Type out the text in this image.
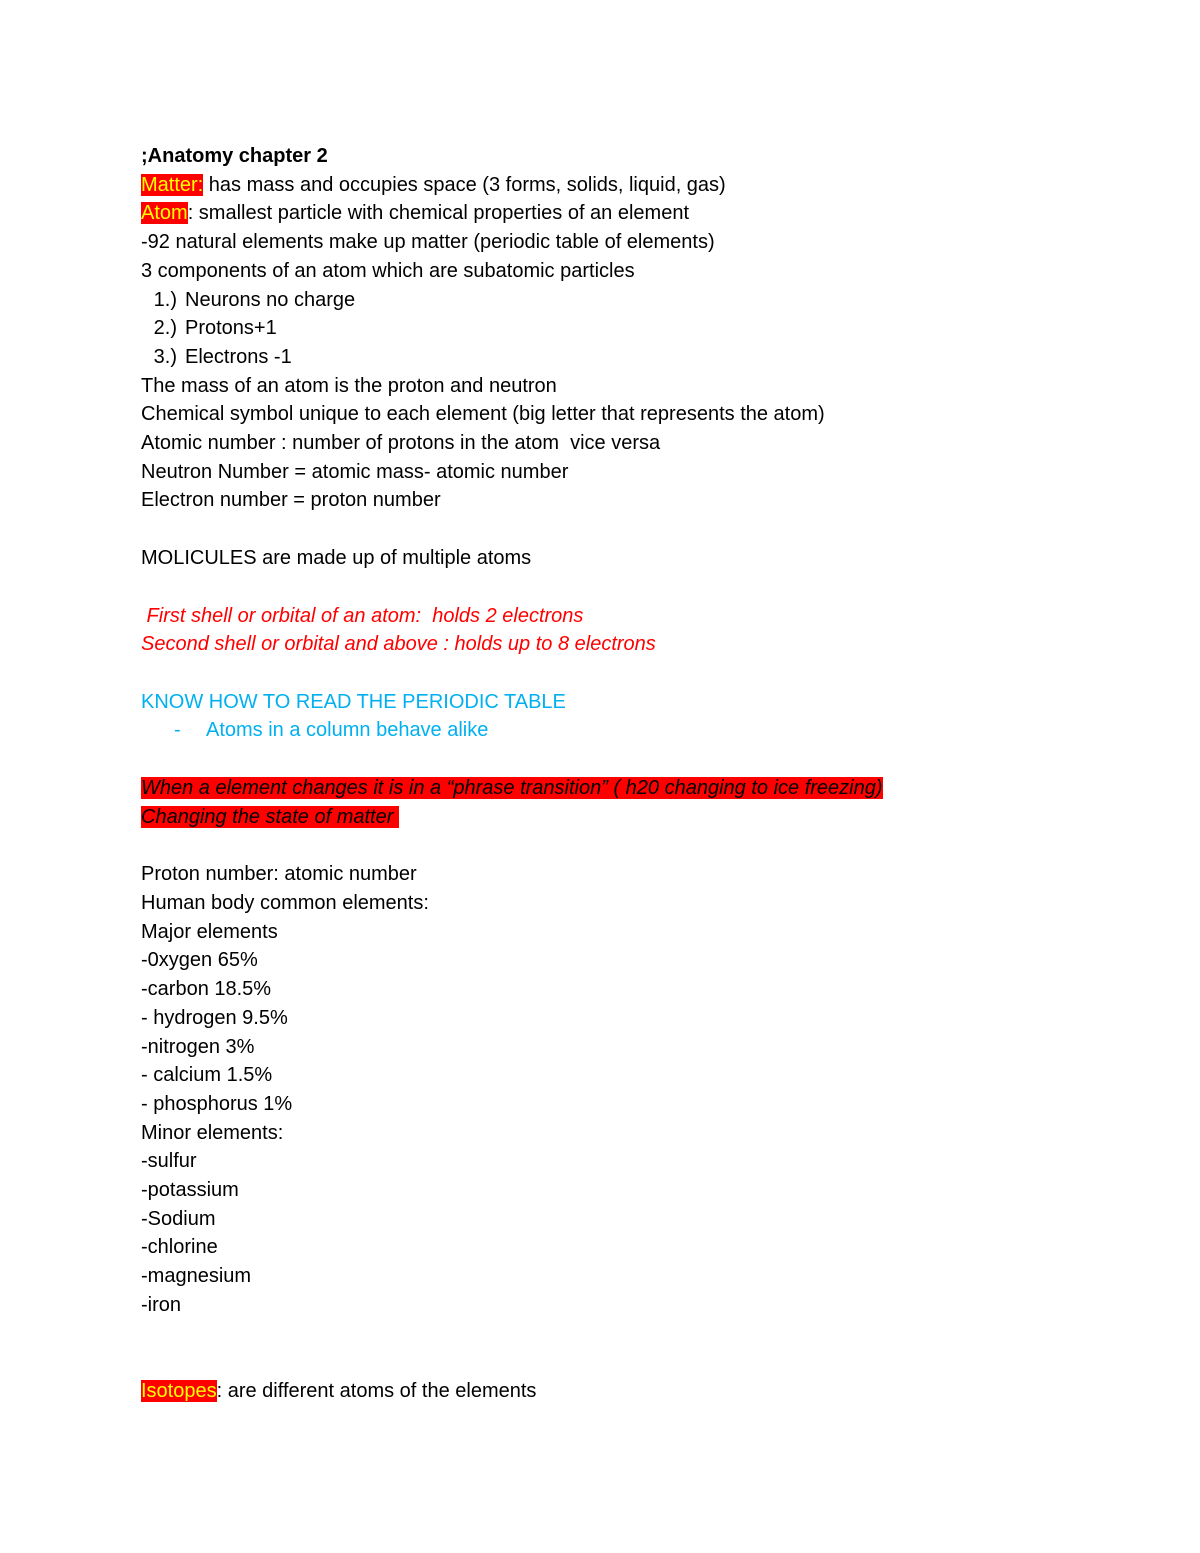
;Anatomy chapter 2

Matter: has mass and occupies space (3 forms, solids, liquid, gas)

Atom: smallest particle with chemical properties of an element

-92 natural elements make up matter (periodic table of elements)

3 components of an atom which are subatomic particles

1.) Neurons no charge

2.) Protons+1

3.) Electrons -1

The mass of an atom is the proton and neutron

Chemical symbol unique to each element (big letter that represents the atom)

Atomic number : number of protons in the atom  vice versa

Neutron Number = atomic mass- atomic number

Electron number = proton number

MOLICULES are made up of multiple atoms

First shell or orbital of an atom:  holds 2 electrons

Second shell or orbital and above : holds up to 8 electrons

KNOW HOW TO READ THE PERIODIC TABLE

- Atoms in a column behave alike

When a element changes it is in a “phrase transition” ( h20 changing to ice freezing)

Changing the state of matter

Proton number: atomic number

Human body common elements:

Major elements

-0xygen 65%

-carbon 18.5%

- hydrogen 9.5%

-nitrogen 3%

- calcium 1.5%

- phosphorus 1%

Minor elements:

-sulfur

-potassium

-Sodium

-chlorine

-magnesium

-iron

Isotopes: are different atoms of the elements
